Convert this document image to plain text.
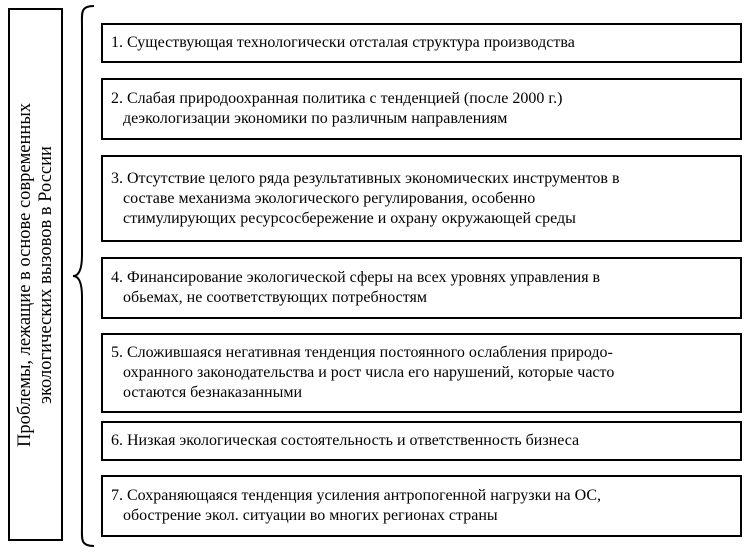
Проблемы, лежащие в основе современных экологических вызовов в России
1. Существующая технологически отсталая структура производства
2. Слабая природоохранная политика с тенденцией (после 2000 г.)
деэкологизации экономики по различным направлениям
3. Отсутствие целого ряда результативных экономических инструментов в
составе механизма экологического регулирования, особенно
стимулирующих ресурсосбережение и охрану окружающей среды
4. Финансирование экологической сферы на всех уровнях управления в
обьемах, не соответствующих потребностям
5. Сложившаяся негативная тенденция постоянного ослабления природо-
охранного законодательства и рост числа его нарушений, которые часто
остаются безнаказанными
6. Низкая экологическая состоятельность и ответственность бизнеса
7. Сохраняющаяся тенденция усиления антропогенной нагрузки на ОС,
обострение экол. ситуации во многих регионах страны
